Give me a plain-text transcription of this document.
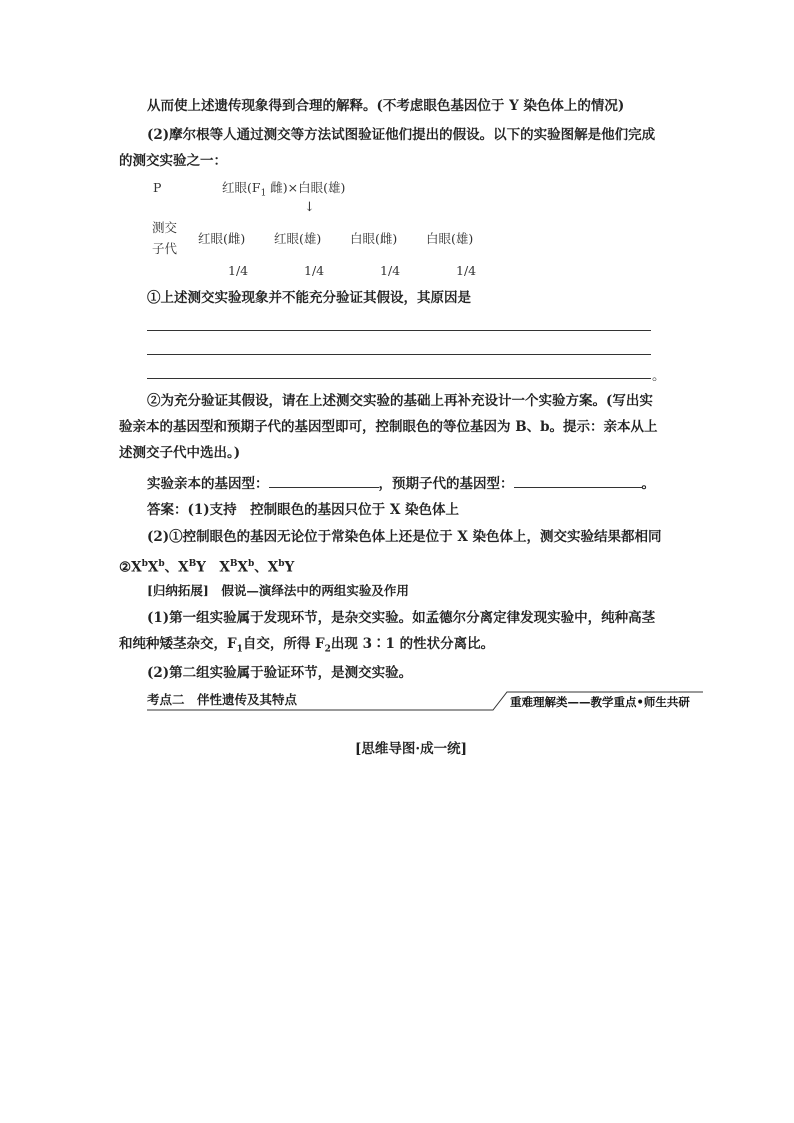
从而使上述遗传现象得到合理的解释。(不考虑眼色基因位于 Y 染色体上的情况)
(2)摩尔根等人通过测交等方法试图验证他们提出的假设。以下的实验图解是他们完成
的测交实验之一：
P	红眼($F_1$ 雌)×白眼(雄)
↓
测交
子代
红眼(雌) 红眼(雄) 白眼(雌) 白眼(雄)
1/4	1/4	1/4	1/4
①上述测交实验现象并不能充分验证其假设，其原因是
。
②为充分验证其假设，请在上述测交实验的基础上再补充设计一个实验方案。(写出实
验亲本的基因型和预期子代的基因型即可，控制眼色的等位基因为 B、b。提示：亲本从上
述测交子代中选出。)
实验亲本的基因型：	，预期子代的基因型：	。
答案：(1)支持　控制眼色的基因只位于 X 染色体上
(2)①控制眼色的基因无论位于常染色体上还是位于 X 染色体上，测交实验结果都相同
$②X^bX^b$、$X^BY$　 $X^BX^b$、$X^bY$
[归纳拓展]　假说—演绎法中的两组实验及作用
(1)第一组实验属于发现环节，是杂交实验。如孟德尔分离定律发现实验中，纯种高茎
和纯种矮茎杂交，$F_1$自交，所得 $F_2$出现 3∶1 的性状分离比。
(2)第二组实验属于验证环节，是测交实验。
考点二　伴性遗传及其特点	重难理解类——教学重点•师生共研
[思维导图·成一统]
